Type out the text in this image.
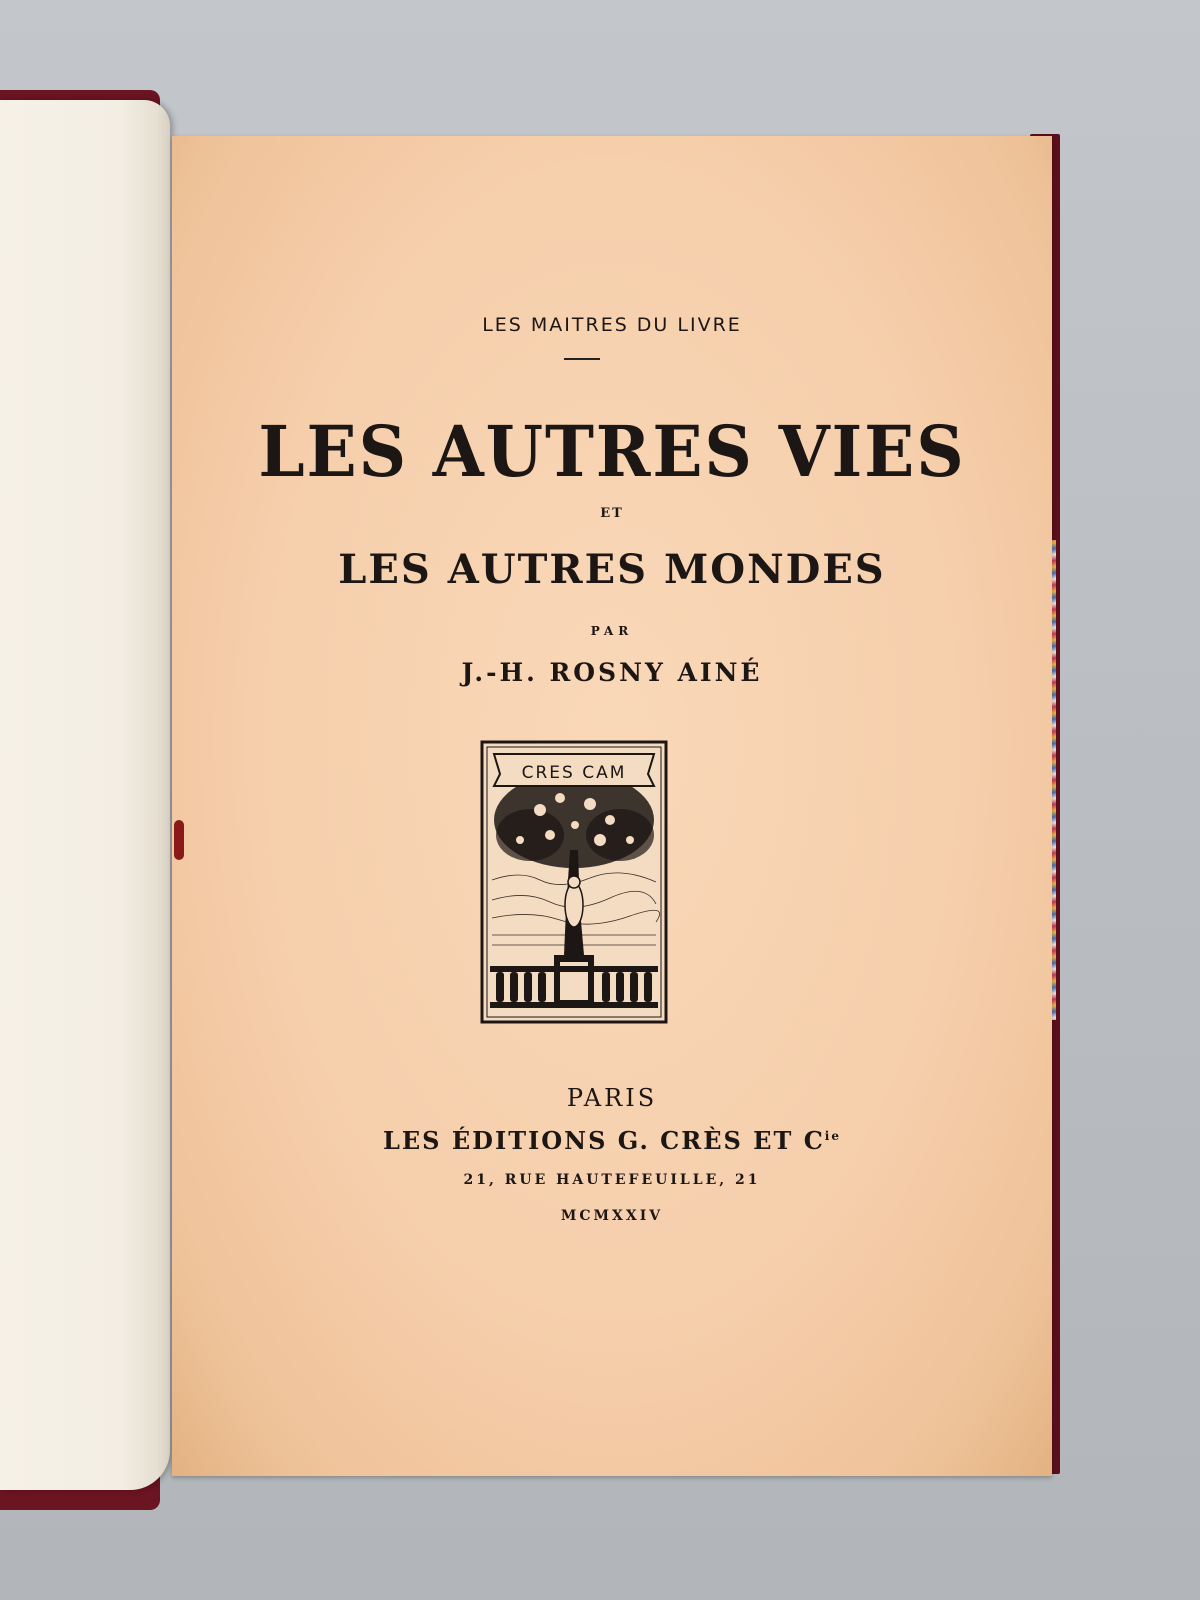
LES MAITRES DU LIVRE
LES AUTRES VIES
ET
LES AUTRES MONDES
PAR
J.-H. ROSNY AINÉ
CRES CAM
Viberf
PARIS
LES ÉDITIONS G. CRÈS ET $C^{ie}$
21, RUE HAUTEFEUILLE, 21
MCMXXIV
